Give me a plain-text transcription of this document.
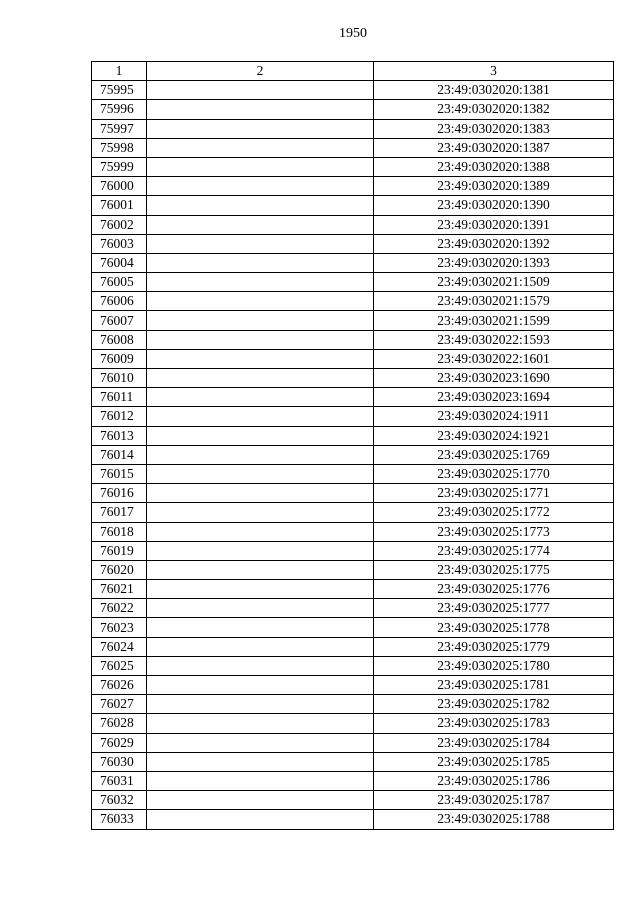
1950
1	2	3
75995		23:49:0302020:1381
75996		23:49:0302020:1382
75997		23:49:0302020:1383
75998		23:49:0302020:1387
75999		23:49:0302020:1388
76000		23:49:0302020:1389
76001		23:49:0302020:1390
76002		23:49:0302020:1391
76003		23:49:0302020:1392
76004		23:49:0302020:1393
76005		23:49:0302021:1509
76006		23:49:0302021:1579
76007		23:49:0302021:1599
76008		23:49:0302022:1593
76009		23:49:0302022:1601
76010		23:49:0302023:1690
76011		23:49:0302023:1694
76012		23:49:0302024:1911
76013		23:49:0302024:1921
76014		23:49:0302025:1769
76015		23:49:0302025:1770
76016		23:49:0302025:1771
76017		23:49:0302025:1772
76018		23:49:0302025:1773
76019		23:49:0302025:1774
76020		23:49:0302025:1775
76021		23:49:0302025:1776
76022		23:49:0302025:1777
76023		23:49:0302025:1778
76024		23:49:0302025:1779
76025		23:49:0302025:1780
76026		23:49:0302025:1781
76027		23:49:0302025:1782
76028		23:49:0302025:1783
76029		23:49:0302025:1784
76030		23:49:0302025:1785
76031		23:49:0302025:1786
76032		23:49:0302025:1787
76033		23:49:0302025:1788
